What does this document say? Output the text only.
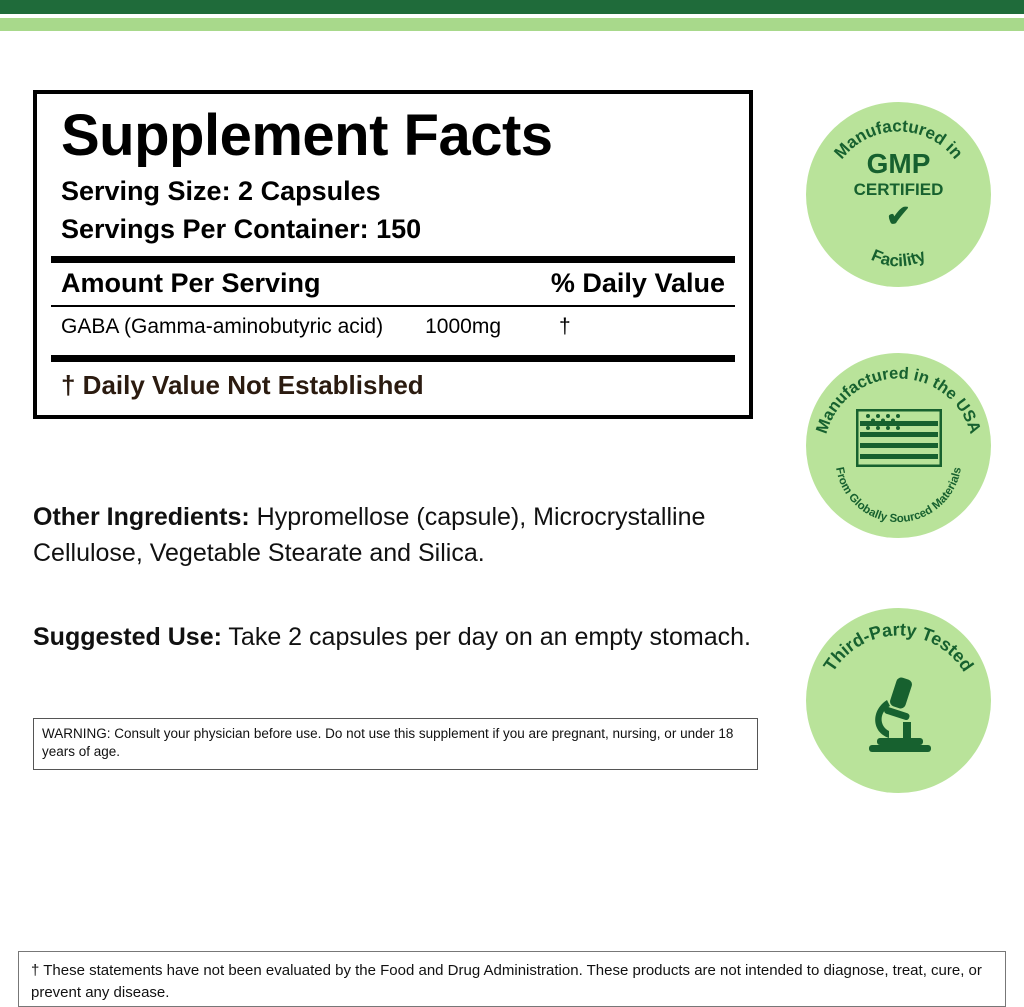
Supplement Facts
Serving Size: 2 Capsules
Servings Per Container: 150
Amount Per Serving	% Daily Value
GABA (Gamma-aminobutyric acid) 1000mg	†
† Daily Value Not Established
Other Ingredients: Hypromellose (capsule), Microcrystalline Cellulose, Vegetable Stearate and Silica.
Suggested Use: Take 2 capsules per day on an empty stomach.
WARNING: Consult your physician before use. Do not use this supplement if you are pregnant, nursing, or under 18 years of age.
Manufactured in
Facility
GMP
CERTIFIED
✔
Manufactured in the USA
From Globally Sourced Materials
Third-Party Tested
† These statements have not been evaluated by the Food and Drug Administration. These products are not intended to diagnose, treat, cure, or prevent any disease.
